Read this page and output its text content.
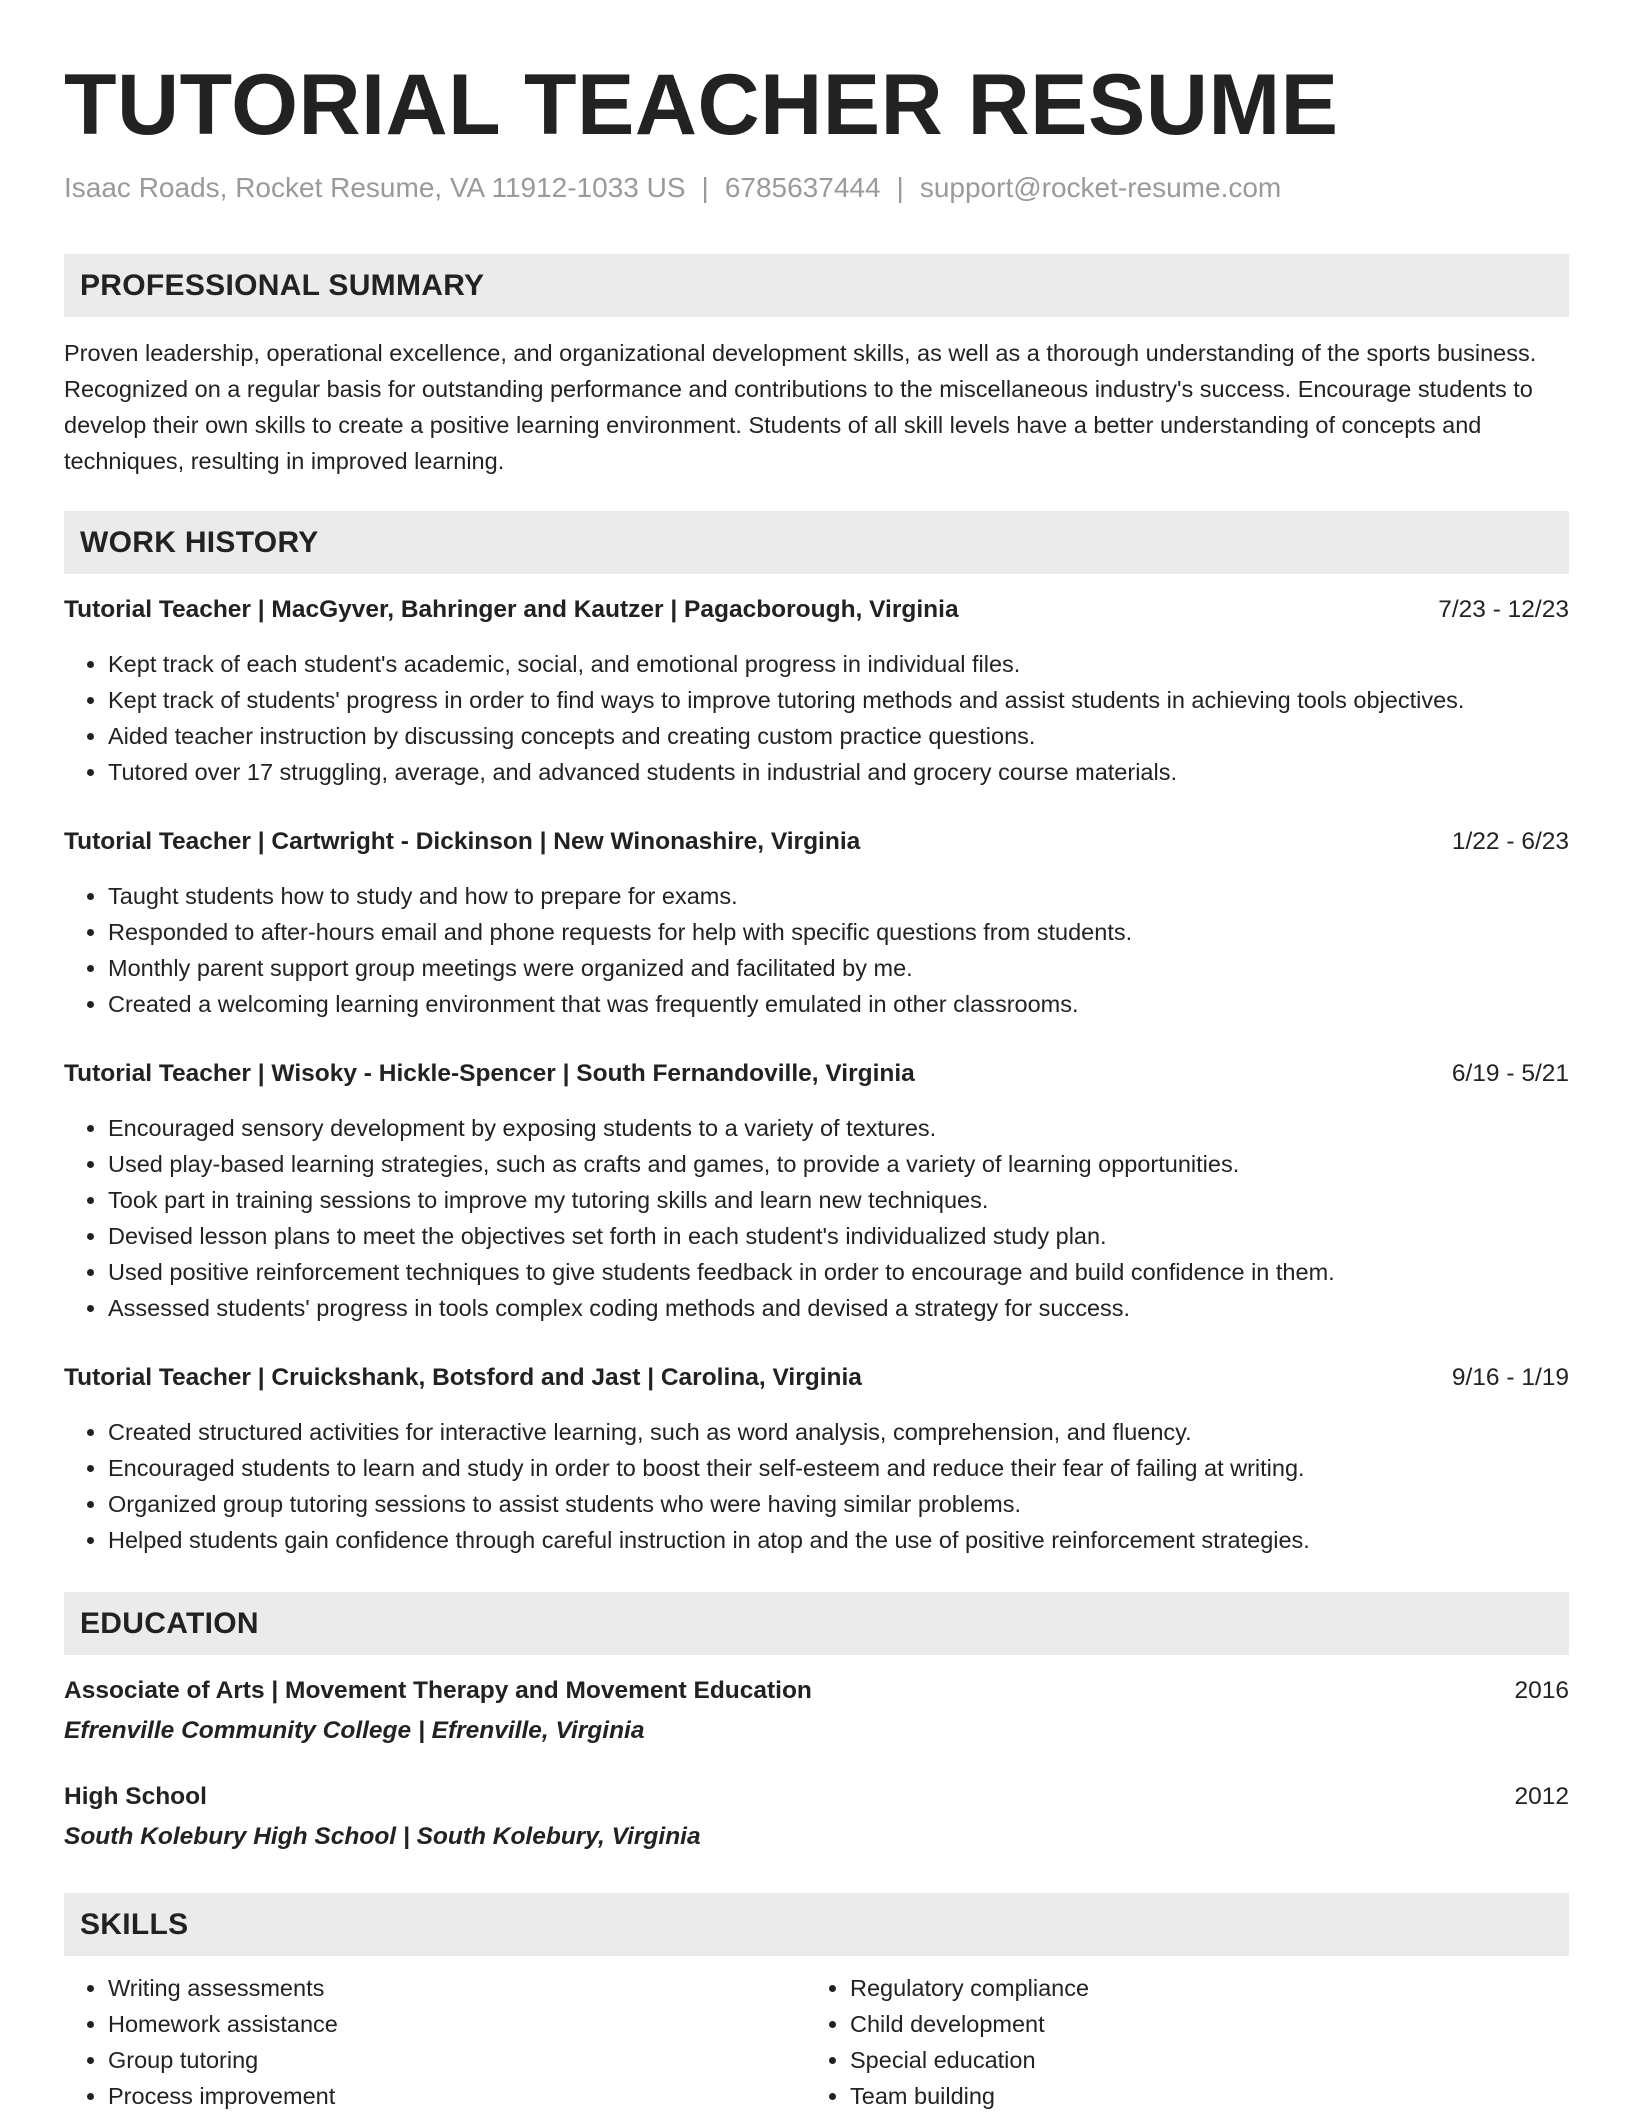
TUTORIAL TEACHER RESUME
Isaac Roads, Rocket Resume, VA 11912-1033 US | 6785637444 | support@rocket-resume.com
PROFESSIONAL SUMMARY
Proven leadership, operational excellence, and organizational development skills, as well as a thorough understanding of the sports business. Recognized on a regular basis for outstanding performance and contributions to the miscellaneous industry's success. Encourage students to develop their own skills to create a positive learning environment. Students of all skill levels have a better understanding of concepts and techniques, resulting in improved learning.
WORK HISTORY
Tutorial Teacher | MacGyver, Bahringer and Kautzer | Pagacborough, Virginia	7/23 - 12/23
• Kept track of each student's academic, social, and emotional progress in individual files.
• Kept track of students' progress in order to find ways to improve tutoring methods and assist students in achieving tools objectives.
• Aided teacher instruction by discussing concepts and creating custom practice questions.
• Tutored over 17 struggling, average, and advanced students in industrial and grocery course materials.
Tutorial Teacher | Cartwright - Dickinson | New Winonashire, Virginia	1/22 - 6/23
• Taught students how to study and how to prepare for exams.
• Responded to after-hours email and phone requests for help with specific questions from students.
• Monthly parent support group meetings were organized and facilitated by me.
• Created a welcoming learning environment that was frequently emulated in other classrooms.
Tutorial Teacher | Wisoky - Hickle-Spencer | South Fernandoville, Virginia	6/19 - 5/21
• Encouraged sensory development by exposing students to a variety of textures.
• Used play-based learning strategies, such as crafts and games, to provide a variety of learning opportunities.
• Took part in training sessions to improve my tutoring skills and learn new techniques.
• Devised lesson plans to meet the objectives set forth in each student's individualized study plan.
• Used positive reinforcement techniques to give students feedback in order to encourage and build confidence in them.
• Assessed students' progress in tools complex coding methods and devised a strategy for success.
Tutorial Teacher | Cruickshank, Botsford and Jast | Carolina, Virginia	9/16 - 1/19
• Created structured activities for interactive learning, such as word analysis, comprehension, and fluency.
• Encouraged students to learn and study in order to boost their self-esteem and reduce their fear of failing at writing.
• Organized group tutoring sessions to assist students who were having similar problems.
• Helped students gain confidence through careful instruction in atop and the use of positive reinforcement strategies.
EDUCATION
Associate of Arts | Movement Therapy and Movement Education	2016
Efrenville Community College | Efrenville, Virginia
High School	2012
South Kolebury High School | South Kolebury, Virginia
SKILLS
• Writing assessments
• Homework assistance
• Group tutoring
• Process improvement
• Regulatory compliance
• Child development
• Special education
• Team building
